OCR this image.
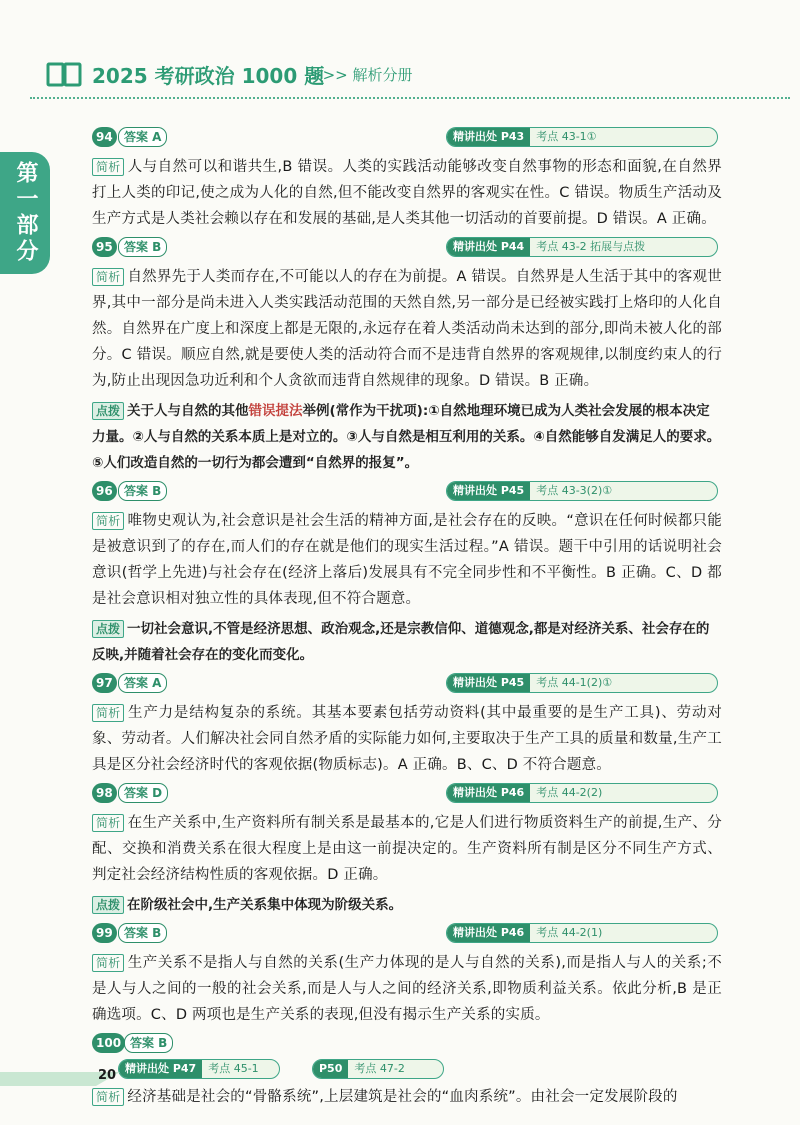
2025 考研政治 1000 题
>>> 解析分册
第一部分
94 答案 A	精讲出处 P43 考点 43-1①
简析 人与自然可以和谐共生,B 错误。人类的实践活动能够改变自然事物的形态和面貌,在自然界打上人类的印记,使之成为人化的自然,但不能改变自然界的客观实在性。C 错误。物质生产活动及生产方式是人类社会赖以存在和发展的基础,是人类其他一切活动的首要前提。D 错误。A 正确。
95 答案 B	精讲出处 P44 考点 43-2 拓展与点拨
简析 自然界先于人类而存在,不可能以人的存在为前提。A 错误。自然界是人生活于其中的客观世界,其中一部分是尚未进入人类实践活动范围的天然自然,另一部分是已经被实践打上烙印的人化自然。自然界在广度上和深度上都是无限的,永远存在着人类活动尚未达到的部分,即尚未被人化的部分。C 错误。顺应自然,就是要使人类的活动符合而不是违背自然界的客观规律,以制度约束人的行为,防止出现因急功近利和个人贪欲而违背自然规律的现象。D 错误。B 正确。
点拨 关于人与自然的其他错误提法举例(常作为干扰项):①自然地理环境已成为人类社会发展的根本决定力量。②人与自然的关系本质上是对立的。③人与自然是相互利用的关系。④自然能够自发满足人的要求。⑤人们改造自然的一切行为都会遭到“自然界的报复”。
96 答案 B	精讲出处 P45 考点 43-3(2)①
简析 唯物史观认为,社会意识是社会生活的精神方面,是社会存在的反映。“意识在任何时候都只能是被意识到了的存在,而人们的存在就是他们的现实生活过程。”A 错误。题干中引用的话说明社会意识(哲学上先进)与社会存在(经济上落后)发展具有不完全同步性和不平衡性。B 正确。C、D 都是社会意识相对独立性的具体表现,但不符合题意。
点拨 一切社会意识,不管是经济思想、政治观念,还是宗教信仰、道德观念,都是对经济关系、社会存在的反映,并随着社会存在的变化而变化。
97 答案 A	精讲出处 P45 考点 44-1(2)①
简析 生产力是结构复杂的系统。其基本要素包括劳动资料(其中最重要的是生产工具)、劳动对象、劳动者。人们解决社会同自然矛盾的实际能力如何,主要取决于生产工具的质量和数量,生产工具是区分社会经济时代的客观依据(物质标志)。A 正确。B、C、D 不符合题意。
98 答案 D	精讲出处 P46 考点 44-2(2)
简析 在生产关系中,生产资料所有制关系是最基本的,它是人们进行物质资料生产的前提,生产、分配、交换和消费关系在很大程度上是由这一前提决定的。生产资料所有制是区分不同生产方式、判定社会经济结构性质的客观依据。D 正确。
点拨 在阶级社会中,生产关系集中体现为阶级关系。
99 答案 B	精讲出处 P46 考点 44-2(1)
简析 生产关系不是指人与自然的关系(生产力体现的是人与自然的关系),而是指人与人的关系;不是人与人之间的一般的社会关系,而是人与人之间的经济关系,即物质利益关系。依此分析,B 是正确选项。C、D 两项也是生产关系的表现,但没有揭示生产关系的实质。
100 答案 B
精讲出处 P47 考点 45-1	P50 考点 47-2
简析 经济基础是社会的“骨骼系统”,上层建筑是社会的“血肉系统”。由社会一定发展阶段的
20
